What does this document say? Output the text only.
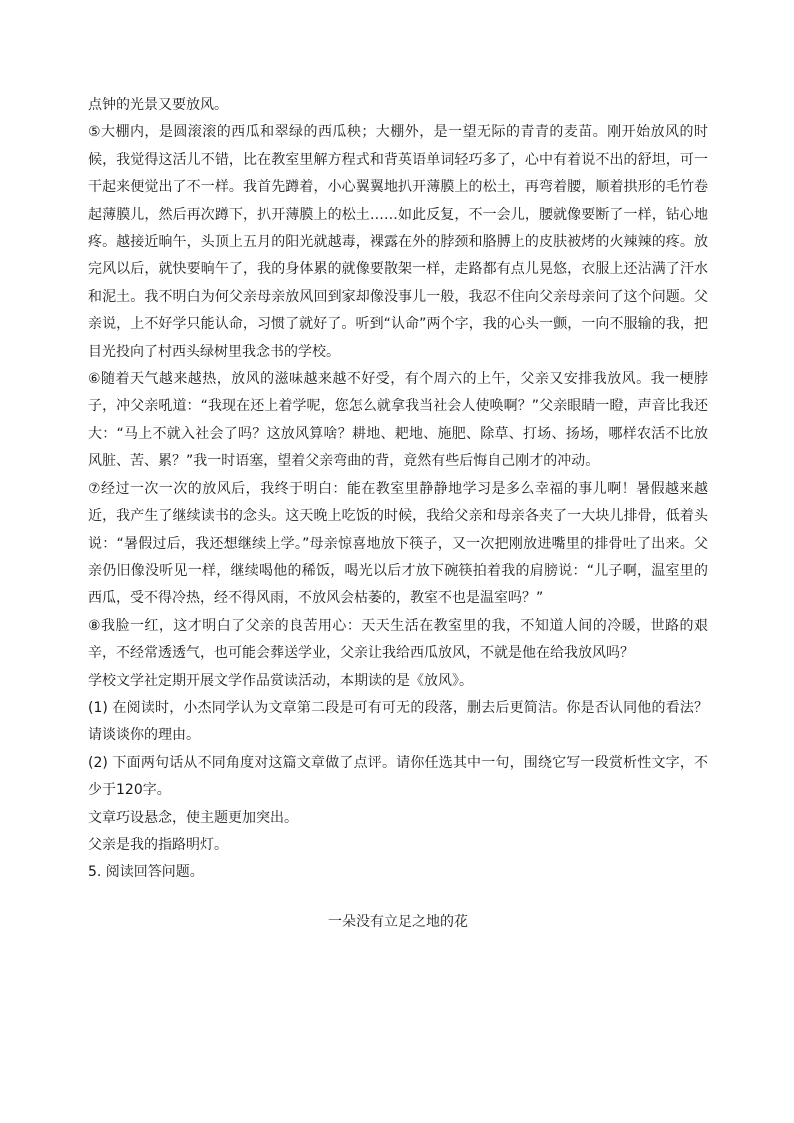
点钟的光景又要放风。

⑤大棚内，是圆滚滚的西瓜和翠绿的西瓜秧；大棚外，是一望无际的青青的麦苗。刚开始放风的时候，我觉得这活儿不错，比在教室里解方程式和背英语单词轻巧多了，心中有着说不出的舒坦，可一干起来便觉出了不一样。我首先蹲着，小心翼翼地扒开薄膜上的松土，再弯着腰，顺着拱形的毛竹卷起薄膜儿，然后再次蹲下，扒开薄膜上的松土……如此反复，不一会儿，腰就像要断了一样，钻心地疼。越接近晌午，头顶上五月的阳光就越毒，裸露在外的脖颈和胳膊上的皮肤被烤的火辣辣的疼。放完风以后，就快要晌午了，我的身体累的就像要散架一样，走路都有点儿晃悠，衣服上还沾满了汗水和泥土。我不明白为何父亲母亲放风回到家却像没事儿一般，我忍不住向父亲母亲问了这个问题。父亲说，上不好学只能认命，习惯了就好了。听到“认命”两个字，我的心头一颤，一向不服输的我，把目光投向了村西头绿树里我念书的学校。

⑥随着天气越来越热，放风的滋味越来越不好受，有个周六的上午，父亲又安排我放风。我一梗脖子，冲父亲吼道：“我现在还上着学呢，您怎么就拿我当社会人使唤啊？”父亲眼睛一瞪，声音比我还大：“马上不就入社会了吗？这放风算啥？耕地、耙地、施肥、除草、打场、扬场，哪样农活不比放风脏、苦、累？”我一时语塞，望着父亲弯曲的背，竟然有些后悔自己刚才的冲动。

⑦经过一次一次的放风后，我终于明白：能在教室里静静地学习是多么幸福的事儿啊！暑假越来越近，我产生了继续读书的念头。这天晚上吃饭的时候，我给父亲和母亲各夹了一大块儿排骨，低着头说：“暑假过后，我还想继续上学。”母亲惊喜地放下筷子，又一次把刚放进嘴里的排骨吐了出来。父亲仍旧像没听见一样，继续喝他的稀饭，喝光以后才放下碗筷拍着我的肩膀说：“儿子啊，温室里的西瓜，受不得冷热，经不得风雨，不放风会枯萎的，教室不也是温室吗？”

⑧我脸一红，这才明白了父亲的良苦用心：天天生活在教室里的我，不知道人间的冷暖，世路的艰辛，不经常透透气，也可能会葬送学业，父亲让我给西瓜放风，不就是他在给我放风吗？

学校文学社定期开展文学作品赏读活动，本期读的是《放风》。

(1) 在阅读时，小杰同学认为文章第二段是可有可无的段落，删去后更简洁。你是否认同他的看法？请谈谈你的理由。

(2) 下面两句话从不同角度对这篇文章做了点评。请你任选其中一句，围绕它写一段赏析性文字，不少于120字。

文章巧设悬念，使主题更加突出。

父亲是我的指路明灯。

5. 阅读回答问题。

一朵没有立足之地的花
